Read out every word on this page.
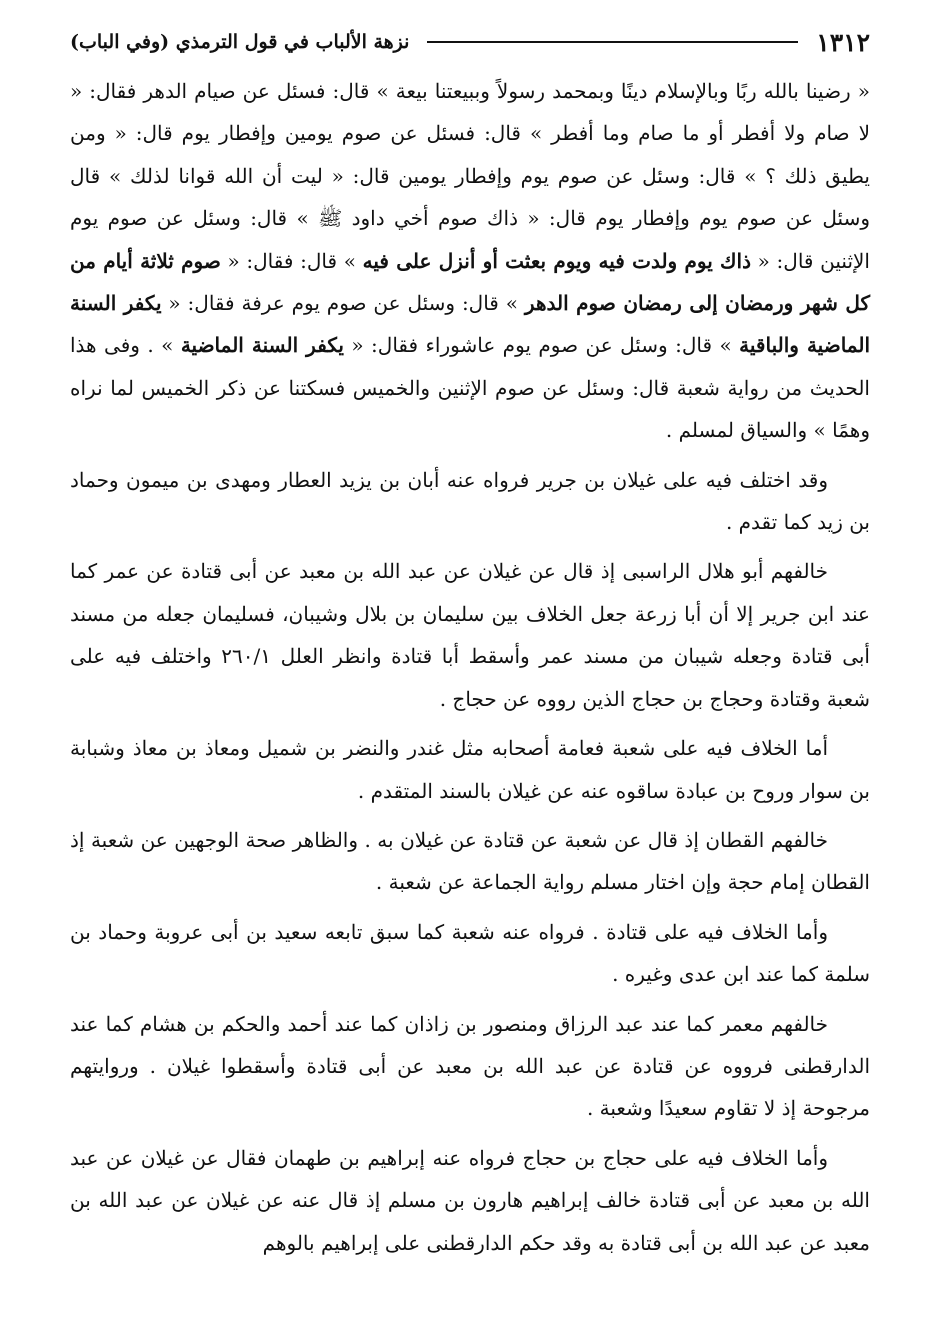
١٣١٢
نزهة الألباب في قول الترمذي (وفي الباب)

« رضينا بالله ربًا وبالإسلام دينًا وبمحمد رسولاً وببيعتنا بيعة » قال: فسئل عن صيام الدهر فقال: « لا صام ولا أفطر أو ما صام وما أفطر » قال: فسئل عن صوم يومين وإفطار يوم قال: « ومن يطيق ذلك ؟ » قال: وسئل عن صوم يوم وإفطار يومين قال: « ليت أن الله قوانا لذلك » قال وسئل عن صوم يوم وإفطار يوم قال: « ذاك صوم أخي داود ﷺ » قال: وسئل عن صوم يوم الإثنين قال: « ذاك يوم ولدت فيه ويوم بعثت أو أنزل على فيه » قال: فقال: « صوم ثلاثة أيام من كل شهر ورمضان إلى رمضان صوم الدهر » قال: وسئل عن صوم يوم عرفة فقال: « يكفر السنة الماضية والباقية » قال: وسئل عن صوم يوم عاشوراء فقال: « يكفر السنة الماضية » . وفى هذا الحديث من رواية شعبة قال: وسئل عن صوم الإثنين والخميس فسكتنا عن ذكر الخميس لما نراه وهمًا » والسياق لمسلم .

وقد اختلف فيه على غيلان بن جرير فرواه عنه أبان بن يزيد العطار ومهدى بن ميمون وحماد بن زيد كما تقدم .

خالفهم أبو هلال الراسبى إذ قال عن غيلان عن عبد الله بن معبد عن أبى قتادة عن عمر كما عند ابن جرير إلا أن أبا زرعة جعل الخلاف بين سليمان بن بلال وشيبان، فسليمان جعله من مسند أبى قتادة وجعله شيبان من مسند عمر وأسقط أبا قتادة وانظر العلل ٢٦٠/١ واختلف فيه على شعبة وقتادة وحجاج بن حجاج الذين رووه عن حجاج .

أما الخلاف فيه على شعبة فعامة أصحابه مثل غندر والنضر بن شميل ومعاذ بن معاذ وشبابة بن سوار وروح بن عبادة ساقوه عنه عن غيلان بالسند المتقدم .

خالفهم القطان إذ قال عن شعبة عن قتادة عن غيلان به . والظاهر صحة الوجهين عن شعبة إذ القطان إمام حجة وإن اختار مسلم رواية الجماعة عن شعبة .

وأما الخلاف فيه على قتادة . فرواه عنه شعبة كما سبق تابعه سعيد بن أبى عروبة وحماد بن سلمة كما عند ابن عدى وغيره .

خالفهم معمر كما عند عبد الرزاق ومنصور بن زاذان كما عند أحمد والحكم بن هشام كما عند الدارقطنى فرووه عن قتادة عن عبد الله بن معبد عن أبى قتادة وأسقطوا غيلان . وروايتهم مرجوحة إذ لا تقاوم سعيدًا وشعبة .

وأما الخلاف فيه على حجاج بن حجاج فرواه عنه إبراهيم بن طهمان فقال عن غيلان عن عبد الله بن معبد عن أبى قتادة خالف إبراهيم هارون بن مسلم إذ قال عنه عن غيلان عن عبد الله بن معبد عن عبد الله بن أبى قتادة به وقد حكم الدارقطنى على إبراهيم بالوهم
